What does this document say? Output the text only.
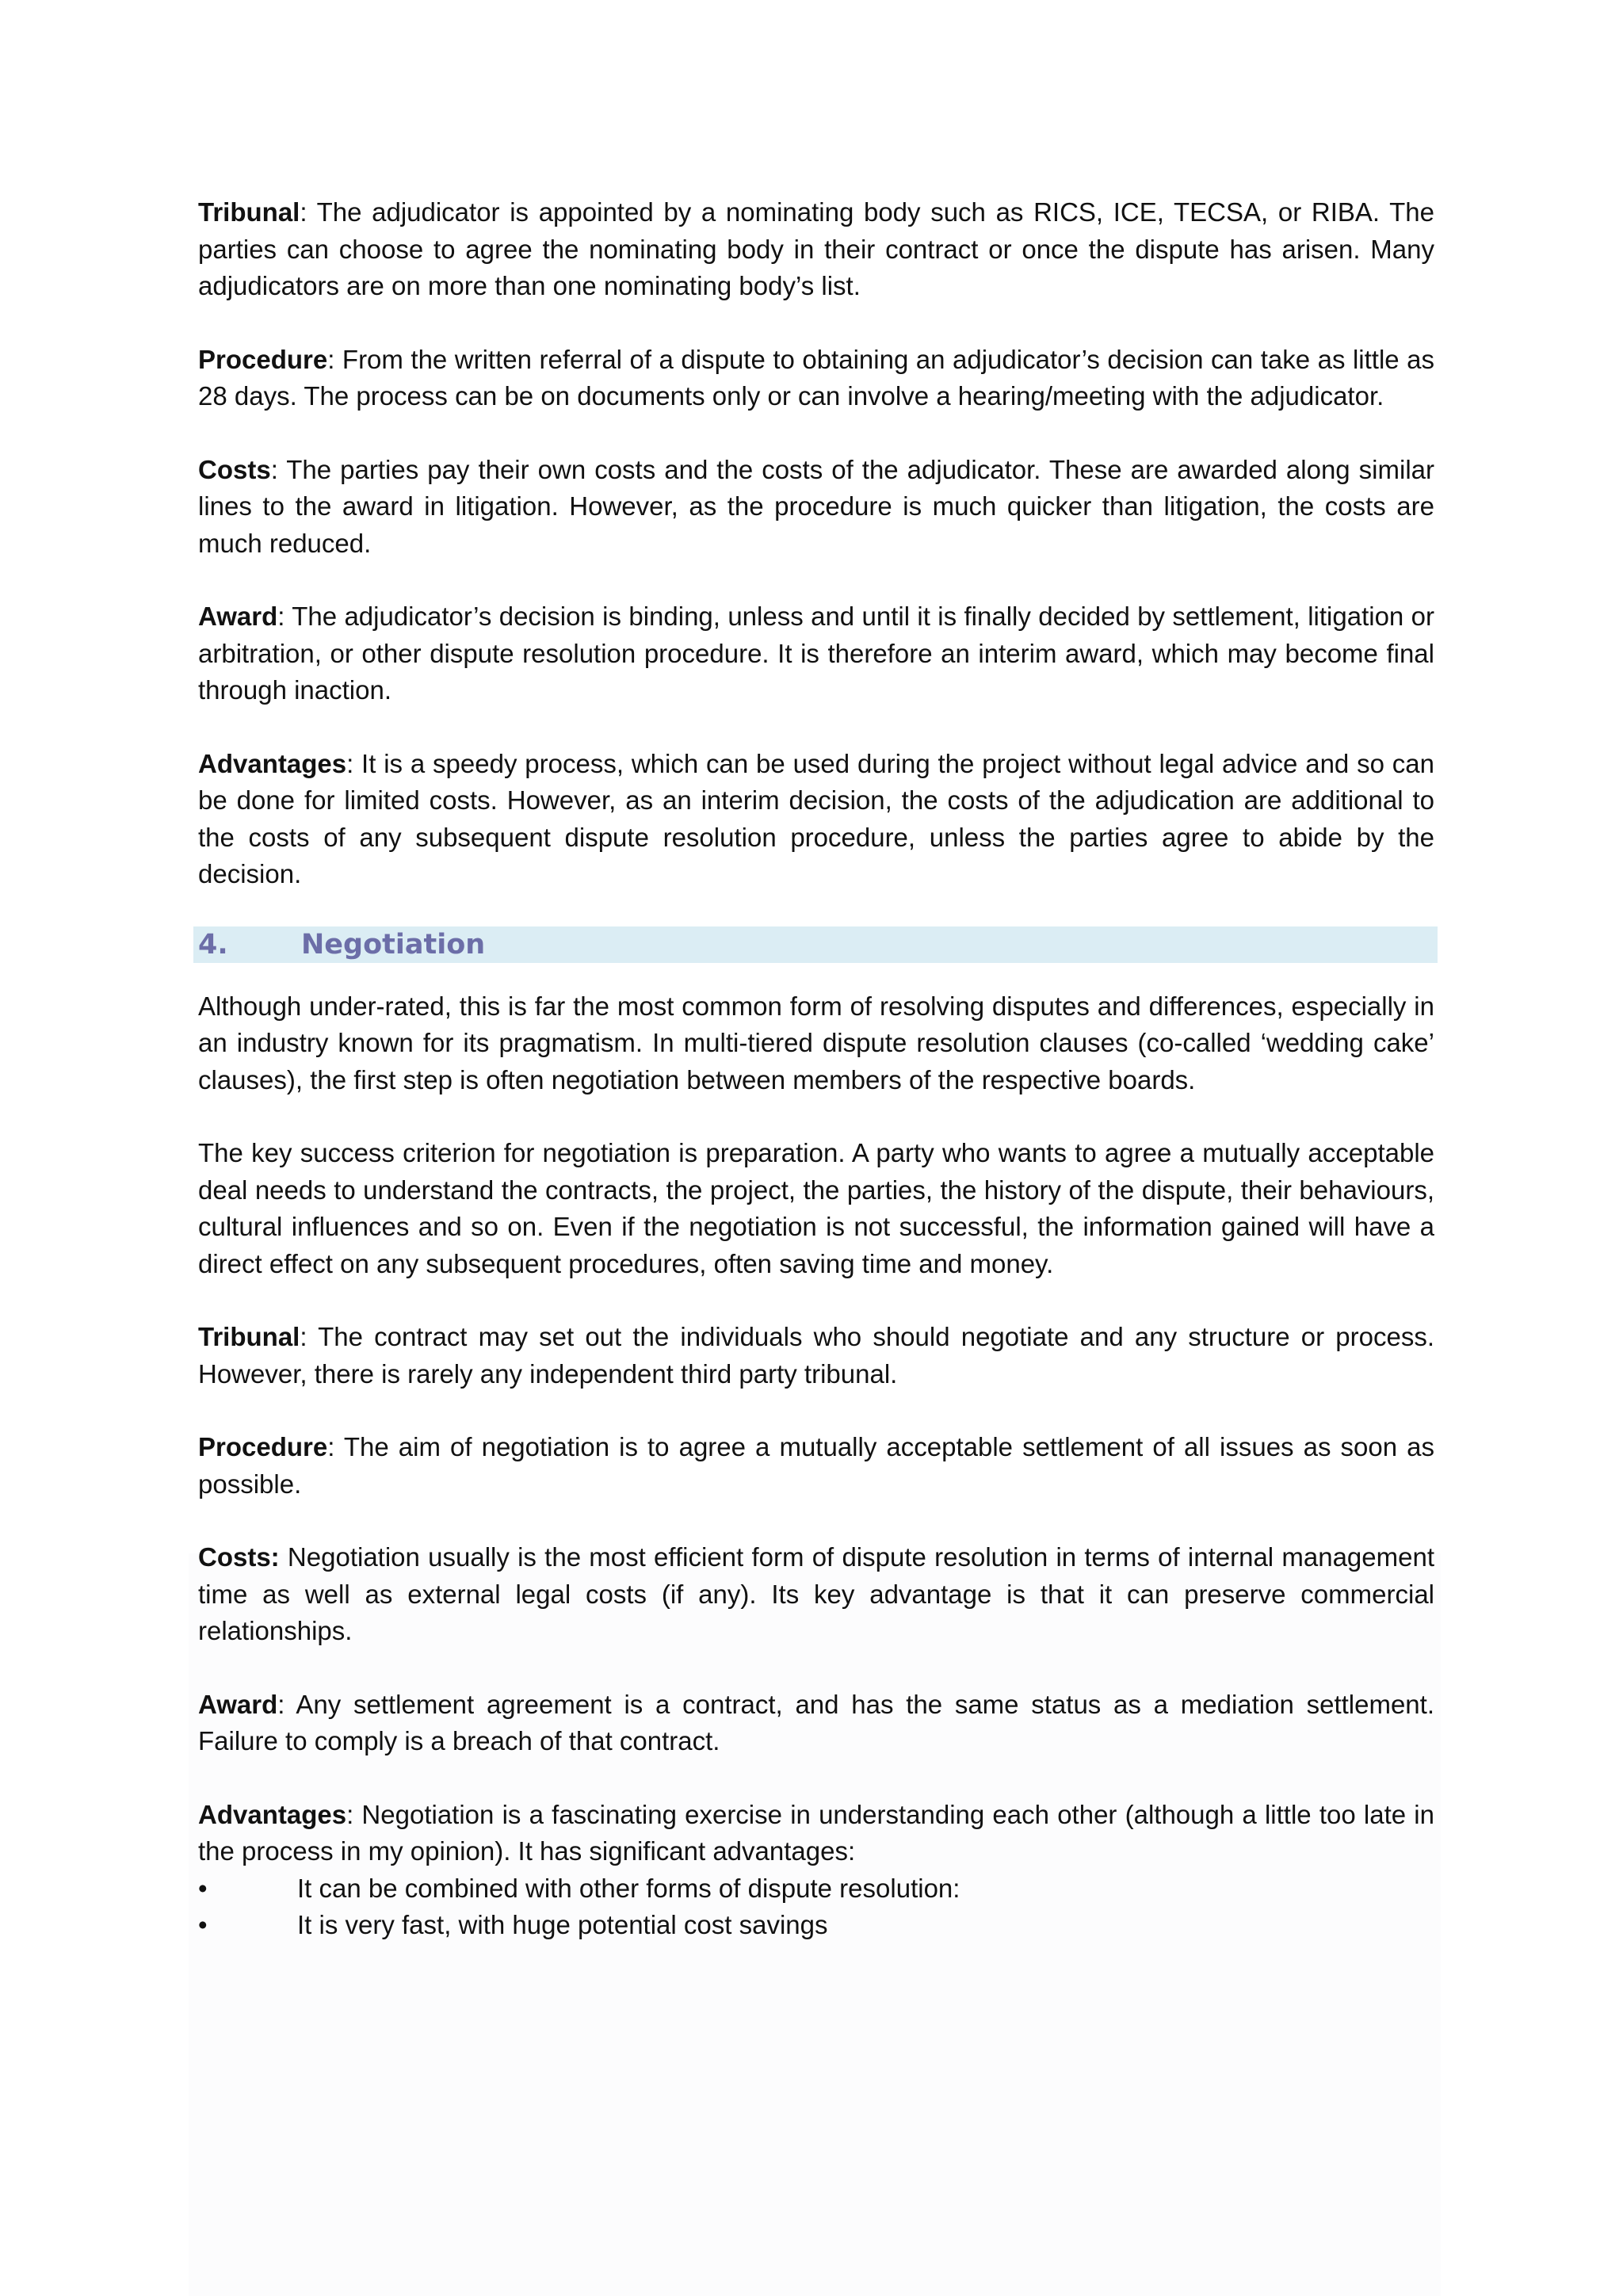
Tribunal: The adjudicator is appointed by a nominating body such as RICS, ICE, TECSA, or RIBA. The parties can choose to agree the nominating body in their contract or once the dispute has arisen. Many adjudicators are on more than one nominating body’s list.

Procedure: From the written referral of a dispute to obtaining an adjudicator’s decision can take as little as 28 days. The process can be on documents only or can involve a hearing/meeting with the adjudicator.

Costs: The parties pay their own costs and the costs of the adjudicator. These are awarded along similar lines to the award in litigation. However, as the procedure is much quicker than litigation, the costs are much reduced.

Award: The adjudicator’s decision is binding, unless and until it is finally decided by settlement, litigation or arbitration, or other dispute resolution procedure. It is therefore an interim award, which may become final through inaction.

Advantages: It is a speedy process, which can be used during the project without legal advice and so can be done for limited costs. However, as an interim decision, the costs of the adjudication are additional to the costs of any subsequent dispute resolution procedure, unless the parties agree to abide by the decision.

4.	Negotiation

Although under-rated, this is far the most common form of resolving disputes and differences, especially in an industry known for its pragmatism. In multi-tiered dispute resolution clauses (co-called ‘wedding cake’ clauses), the first step is often negotiation between members of the respective boards.

The key success criterion for negotiation is preparation. A party who wants to agree a mutually acceptable deal needs to understand the contracts, the project, the parties, the history of the dispute, their behaviours, cultural influences and so on. Even if the negotiation is not successful, the information gained will have a direct effect on any subsequent procedures, often saving time and money.

Tribunal: The contract may set out the individuals who should negotiate and any structure or process. However, there is rarely any independent third party tribunal.

Procedure: The aim of negotiation is to agree a mutually acceptable settlement of all issues as soon as possible.

Costs: Negotiation usually is the most efficient form of dispute resolution in terms of internal management time as well as external legal costs (if any). Its key advantage is that it can preserve commercial relationships.

Award: Any settlement agreement is a contract, and has the same status as a mediation settlement. Failure to comply is a breach of that contract.

Advantages: Negotiation is a fascinating exercise in understanding each other (although a little too late in the process in my opinion). It has significant advantages:

•	It can be combined with other forms of dispute resolution:
•	It is very fast, with huge potential cost savings
